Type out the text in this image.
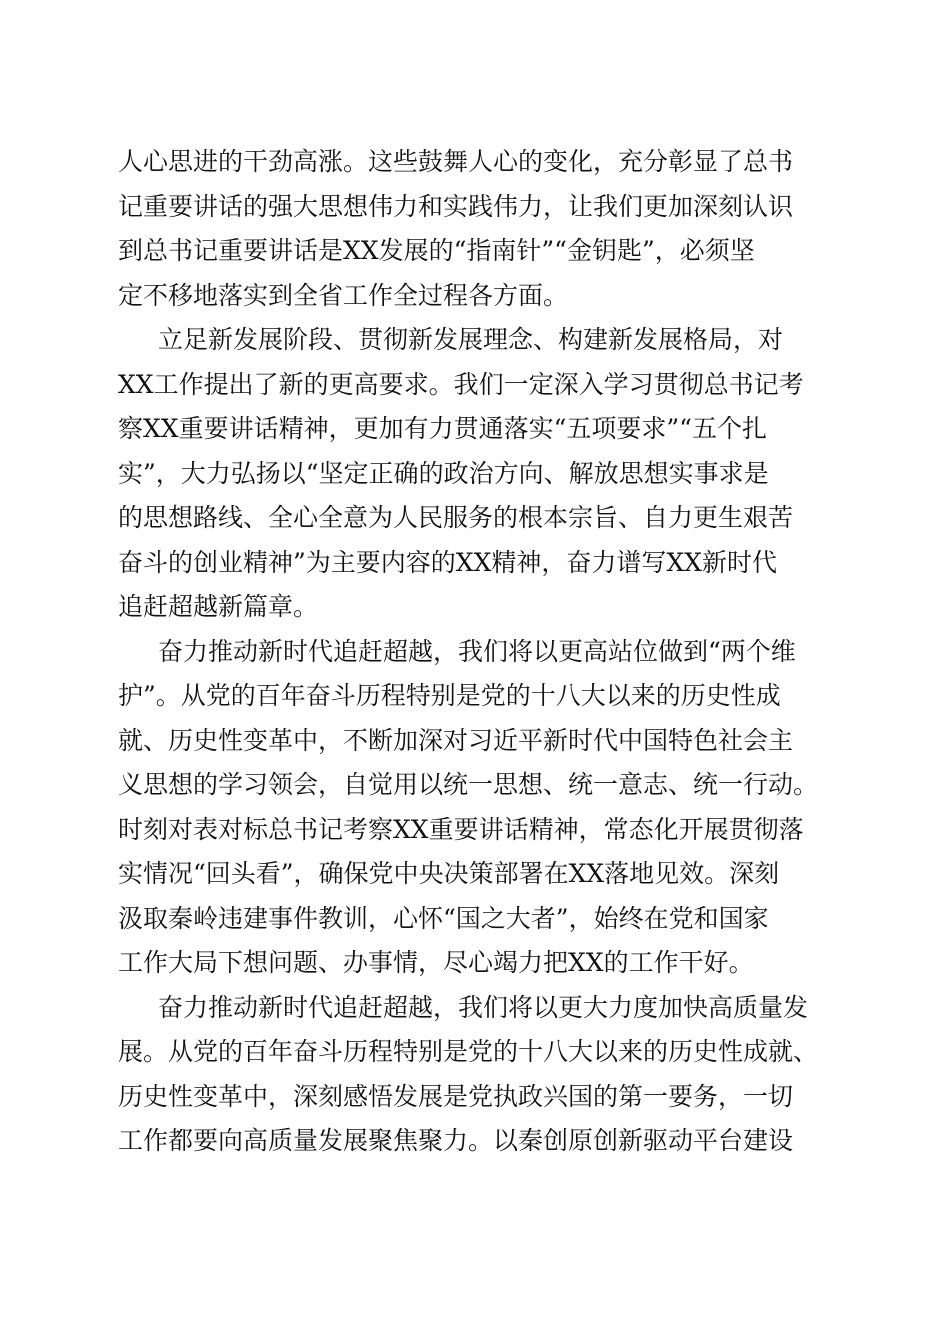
人心思进的干劲高涨。这些鼓舞人心的变化，充分彰显了总书
记重要讲话的强大思想伟力和实践伟力，让我们更加深刻认识
到总书记重要讲话是XX发展的“指南针”“金钥匙”，必须坚
定不移地落实到全省工作全过程各方面。
立足新发展阶段、贯彻新发展理念、构建新发展格局，对
XX工作提出了新的更高要求。我们一定深入学习贯彻总书记考
察XX重要讲话精神，更加有力贯通落实“五项要求”“五个扎
实”，大力弘扬以“坚定正确的政治方向、解放思想实事求是
的思想路线、全心全意为人民服务的根本宗旨、自力更生艰苦
奋斗的创业精神”为主要内容的XX精神，奋力谱写XX新时代
追赶超越新篇章。
奋力推动新时代追赶超越，我们将以更高站位做到“两个维
护”。从党的百年奋斗历程特别是党的十八大以来的历史性成
就、历史性变革中，不断加深对习近平新时代中国特色社会主
义思想的学习领会，自觉用以统一思想、统一意志、统一行动。
时刻对表对标总书记考察XX重要讲话精神，常态化开展贯彻落
实情况“回头看”，确保党中央决策部署在XX落地见效。深刻
汲取秦岭违建事件教训，心怀“国之大者”，始终在党和国家
工作大局下想问题、办事情，尽心竭力把XX的工作干好。
奋力推动新时代追赶超越，我们将以更大力度加快高质量发
展。从党的百年奋斗历程特别是党的十八大以来的历史性成就、
历史性变革中，深刻感悟发展是党执政兴国的第一要务，一切
工作都要向高质量发展聚焦聚力。以秦创原创新驱动平台建设
